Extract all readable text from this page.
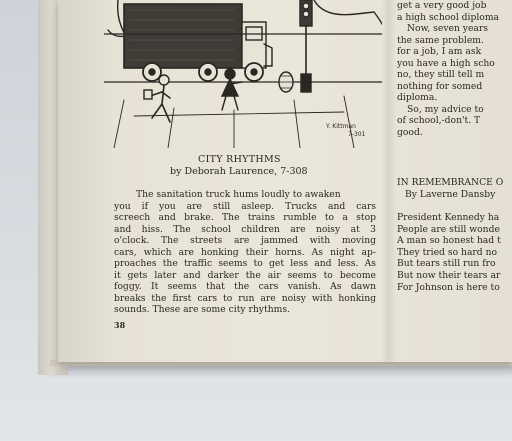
Y. Kittman
7-301
CITY RHYTHMS
by Deborah Laurence, 7-308
The sanitation truck hums loudly to awaken
you if you are still asleep. Trucks and cars
screech and brake. The trains rumble to a stop
and hiss. The school children are noisy at 3
o'clock. The streets are jammed with moving
cars, which are honking their horns. As night ap-
proaches the traffic seems to get less and less. As
it gets later and darker the air seems to become
foggy. It seems that the cars vanish. As dawn
breaks the first cars to run are noisy with honking
sounds. These are some city rhythms.
38
get a very good job
a high school diploma
Now, seven years
the same problem.
for a job, I am ask
you have a high scho
no, they still tell m
nothing for somed
diploma.
So, my advice to
of school,-don't. T
good.
IN REMEMBRANCE O
By Laverne Dansby
President Kennedy ha
People are still wonde
A man so honest had t
They tried so hard no
But tears still run fro
But now their tears ar
For Johnson is here to
